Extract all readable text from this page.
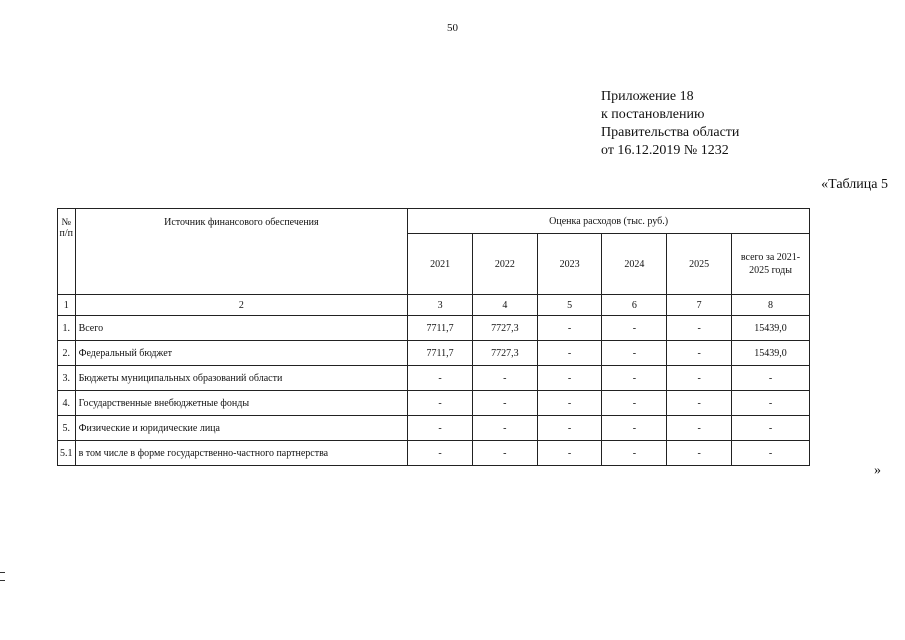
50
Приложение 18
к постановлению
Правительства области
от 16.12.2019 № 1232
«Таблица 5
№ п/п	Источник финансового обеспечения	Оценка расходов (тыс. руб.)					
		2021	2022	2023	2024	2025	всего за 2021-2025 годы
1	2	3	4	5	6	7	8
1.	Всего	7711,7	7727,3	-	-	-	15439,0
2.	Федеральный бюджет	7711,7	7727,3	-	-	-	15439,0
3.	Бюджеты муниципальных образований области	-	-	-	-	-	-
4.	Государственные внебюджетные фонды	-	-	-	-	-	-
5.	Физические и юридические лица	-	-	-	-	-	-
5.1	в том числе в форме государственно-частного партнерства	-	-	-	-	-	-
»
